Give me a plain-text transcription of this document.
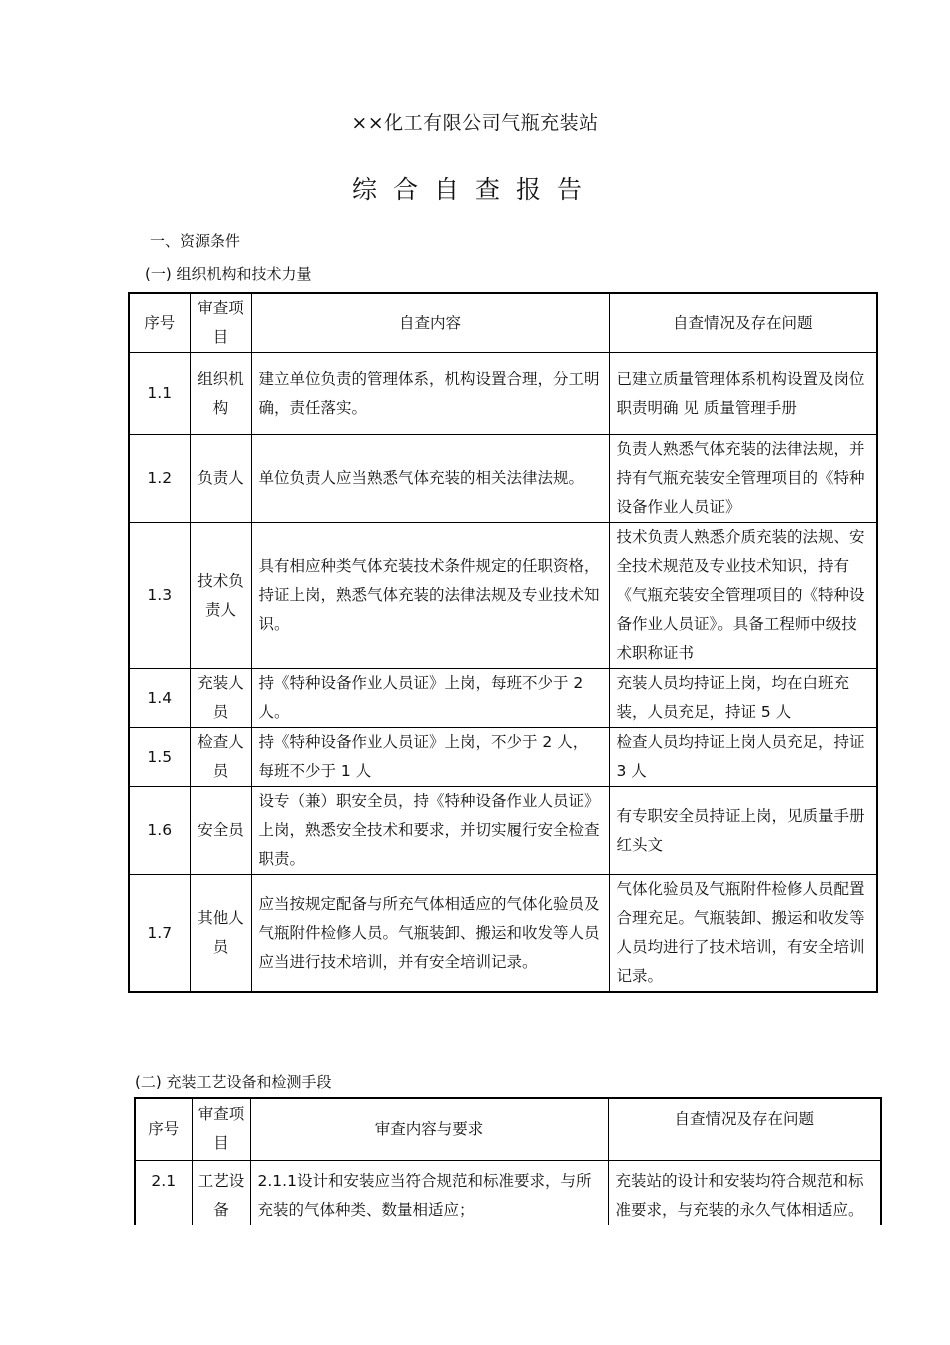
××化工有限公司气瓶充装站
综合自查报告
一、资源条件
(一) 组织机构和技术力量
序号	审查项目	自查内容	自查情况及存在问题
1.1	组织机构	建立单位负责的管理体系，机构设置合理，分工明确，责任落实。	已建立质量管理体系机构设置及岗位职责明确 见 质量管理手册
1.2	负责人	单位负责人应当熟悉气体充装的相关法律法规。	负责人熟悉气体充装的法律法规，并持有气瓶充装安全管理项目的《特种设备作业人员证》
1.3	技术负责人	具有相应种类气体充装技术条件规定的任职资格，持证上岗，熟悉气体充装的法律法规及专业技术知识。	技术负责人熟悉介质充装的法规、安全技术规范及专业技术知识，持有《气瓶充装安全管理项目的《特种设备作业人员证》。具备工程师中级技术职称证书
1.4	充装人员	持《特种设备作业人员证》上岗，每班不少于 2 人。	充装人员均持证上岗，均在白班充装，人员充足，持证 5 人
1.5	检查人员	持《特种设备作业人员证》上岗，不少于 2 人，每班不少于 1 人	检查人员均持证上岗人员充足，持证 3 人
1.6	安全员	设专（兼）职安全员，持《特种设备作业人员证》上岗，熟悉安全技术和要求，并切实履行安全检查职责。	有专职安全员持证上岗，见质量手册红头文
1.7	其他人员	应当按规定配备与所充气体相适应的气体化验员及气瓶附件检修人员。气瓶装卸、搬运和收发等人员应当进行技术培训，并有安全培训记录。	气体化验员及气瓶附件检修人员配置合理充足。气瓶装卸、搬运和收发等人员均进行了技术培训，有安全培训记录。
(二) 充装工艺设备和检测手段
序号	审查项目	审查内容与要求	自查情况及存在问题
2.1	工艺设备	2.1.1设计和安装应当符合规范和标准要求，与所充装的气体种类、数量相适应；	充装站的设计和安装均符合规范和标准要求，与充装的永久气体相适应。
